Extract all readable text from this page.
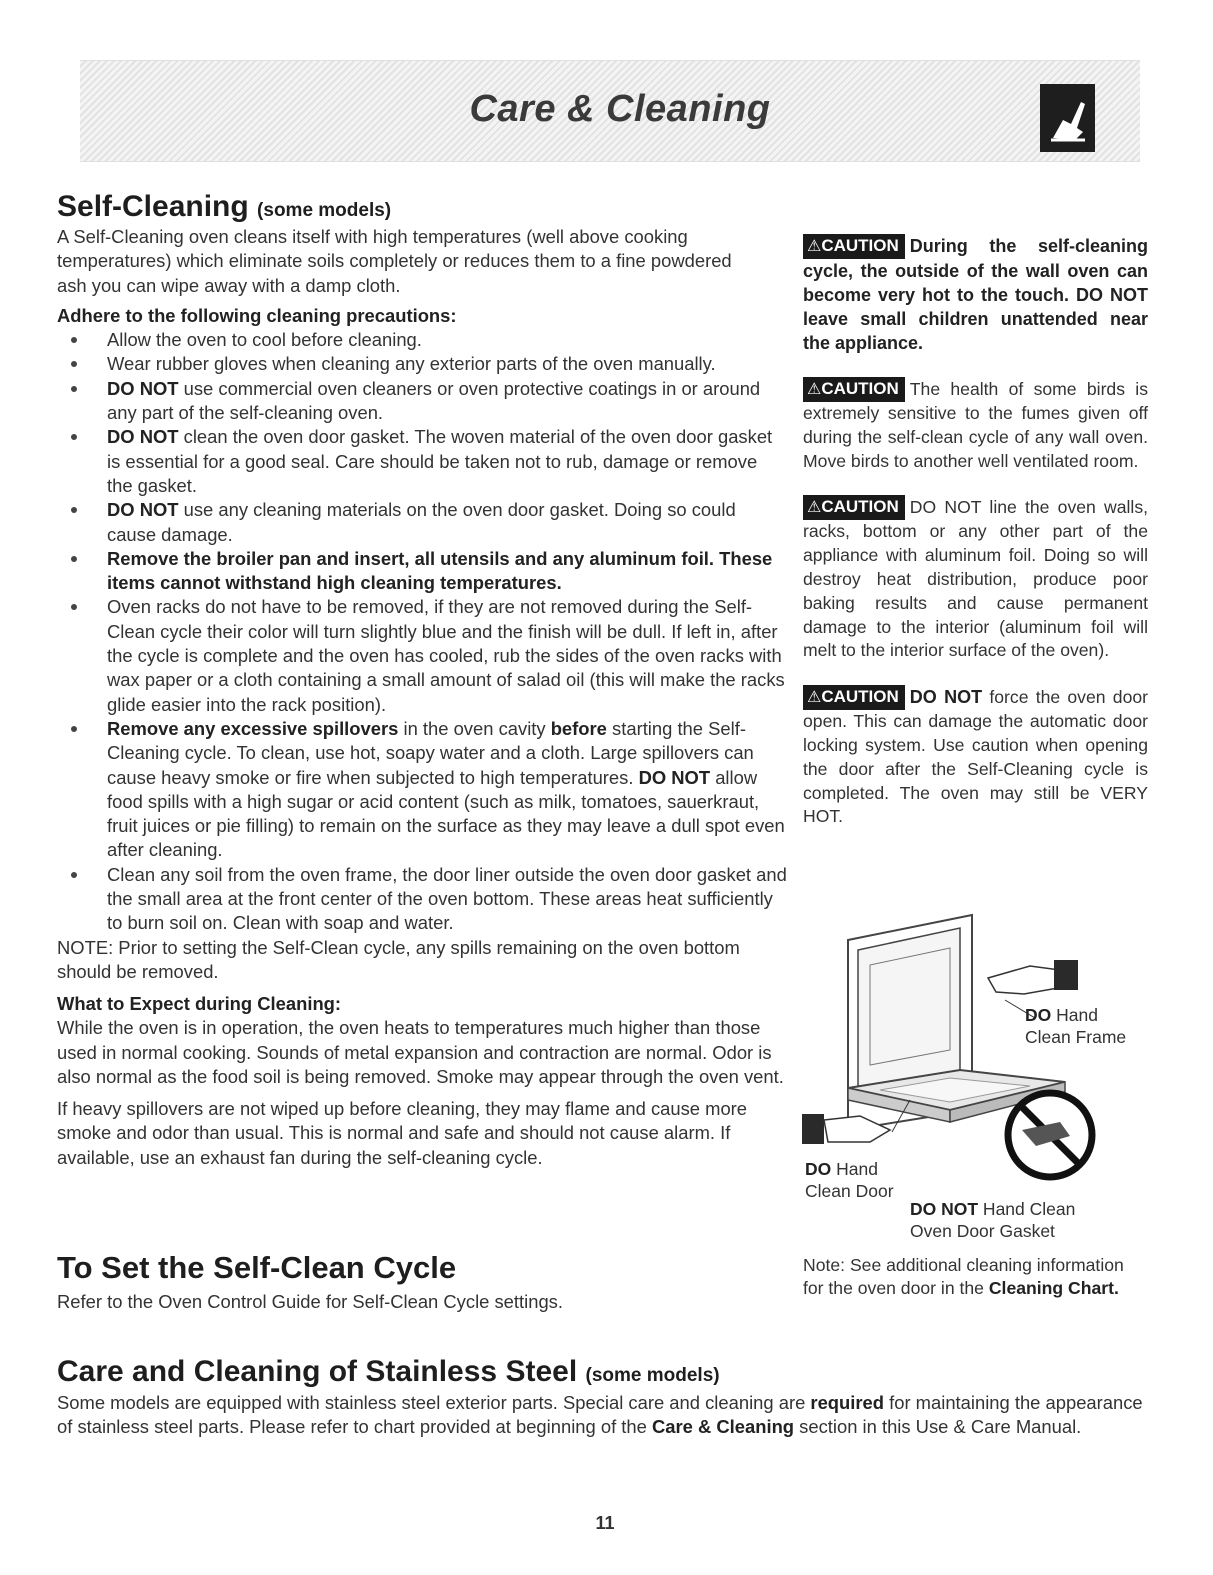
Care & Cleaning
Self-Cleaning (some models)
A Self-Cleaning oven cleans itself with high temperatures (well above cooking temperatures) which eliminate soils completely or reduces them to a fine powdered ash you can wipe away with a damp cloth.
Adhere to the following cleaning precautions:
Allow the oven to cool before cleaning.
Wear rubber gloves when cleaning any exterior parts of the oven manually.
DO NOT use commercial oven cleaners or oven protective coatings in or around any part of the self-cleaning oven.
DO NOT clean the oven door gasket. The woven material of the oven door gasket is essential for a good seal. Care should be taken not to rub, damage or remove the gasket.
DO NOT use any cleaning materials on the oven door gasket. Doing so could cause damage.
Remove the broiler pan and insert, all utensils and any aluminum foil. These items cannot withstand high cleaning temperatures.
Oven racks do not have to be removed, if they are not removed during the Self-Clean cycle their color will turn slightly blue and the finish will be dull. If left in, after the cycle is complete and the oven has cooled, rub the sides of the oven racks with wax paper or a cloth containing a small amount of salad oil (this will make the racks glide easier into the rack position).
Remove any excessive spillovers in the oven cavity before starting the Self-Cleaning cycle. To clean, use hot, soapy water and a cloth. Large spillovers can cause heavy smoke or fire when subjected to high temperatures. DO NOT allow food spills with a high sugar or acid content (such as milk, tomatoes, sauerkraut, fruit juices or pie filling) to remain on the surface as they may leave a dull spot even after cleaning.
Clean any soil from the oven frame, the door liner outside the oven door gasket and the small area at the front center of the oven bottom. These areas heat sufficiently to burn soil on. Clean with soap and water.
NOTE: Prior to setting the Self-Clean cycle, any spills remaining on the oven bottom should be removed.
What to Expect during Cleaning:
While the oven is in operation, the oven heats to temperatures much higher than those used in normal cooking. Sounds of metal expansion and contraction are normal. Odor is also normal as the food soil is being removed. Smoke may appear through the oven vent.
If heavy spillovers are not wiped up before cleaning, they may flame and cause more smoke and odor than usual. This is normal and safe and should not cause alarm. If available, use an exhaust fan during the self-cleaning cycle.
⚠CAUTION During the self-cleaning cycle, the outside of the wall oven can become very hot to the touch. DO NOT leave small children unattended near the appliance.
⚠CAUTION The health of some birds is extremely sensitive to the fumes given off during the self-clean cycle of any wall oven. Move birds to another well ventilated room.
⚠CAUTION DO NOT line the oven walls, racks, bottom or any other part of the appliance with aluminum foil. Doing so will destroy heat distribution, produce poor baking results and cause permanent damage to the interior (aluminum foil will melt to the interior surface of the oven).
⚠CAUTION DO NOT force the oven door open. This can damage the automatic door locking system. Use caution when opening the door after the Self-Cleaning cycle is completed. The oven may still be VERY HOT.
DO Hand
Clean Frame
DO Hand
Clean Door
DO NOT Hand Clean
Oven Door Gasket
Note: See additional cleaning information for the oven door in the Cleaning Chart.
To Set the Self-Clean Cycle
Refer to the Oven Control Guide for Self-Clean Cycle settings.
Care and Cleaning of Stainless Steel (some models)
Some models are equipped with stainless steel exterior parts. Special care and cleaning are required for maintaining the appearance of stainless steel parts. Please refer to chart provided at beginning of the Care & Cleaning section in this Use & Care Manual.
11
